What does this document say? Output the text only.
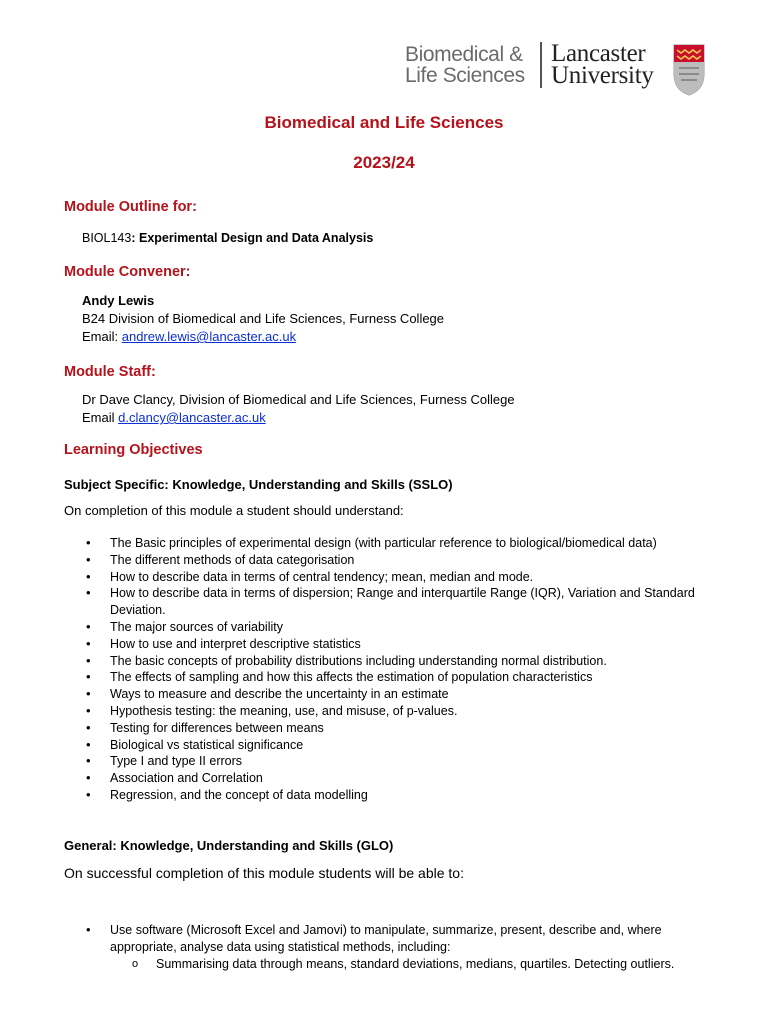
Biomedical &
Life Sciences
Lancaster
University
Biomedical and Life Sciences
2023/24
Module Outline for:
BIOL143: Experimental Design and Data Analysis
Module Convener:
Andy Lewis
B24 Division of Biomedical and Life Sciences, Furness College
Email: andrew.lewis@lancaster.ac.uk
Module Staff:
Dr Dave Clancy, Division of Biomedical and Life Sciences, Furness College
Email d.clancy@lancaster.ac.uk
Learning Objectives
Subject Specific: Knowledge, Understanding and Skills (SSLO)
On completion of this module a student should understand:
• The Basic principles of experimental design (with particular reference to biological/biomedical data)
• The different methods of data categorisation
• How to describe data in terms of central tendency; mean, median and mode.
• How to describe data in terms of dispersion; Range and interquartile Range (IQR), Variation and Standard Deviation.
• The major sources of variability
• How to use and interpret descriptive statistics
• The basic concepts of probability distributions including understanding normal distribution.
• The effects of sampling and how this affects the estimation of population characteristics
• Ways to measure and describe the uncertainty in an estimate
• Hypothesis testing: the meaning, use, and misuse, of p-values.
• Testing for differences between means
• Biological vs statistical significance
• Type I and type II errors
• Association and Correlation
• Regression, and the concept of data modelling
General: Knowledge, Understanding and Skills (GLO)
On successful completion of this module students will be able to:
• Use software (Microsoft Excel and Jamovi) to manipulate, summarize, present, describe and, where appropriate, analyse data using statistical methods, including:
o Summarising data through means, standard deviations, medians, quartiles. Detecting outliers.
